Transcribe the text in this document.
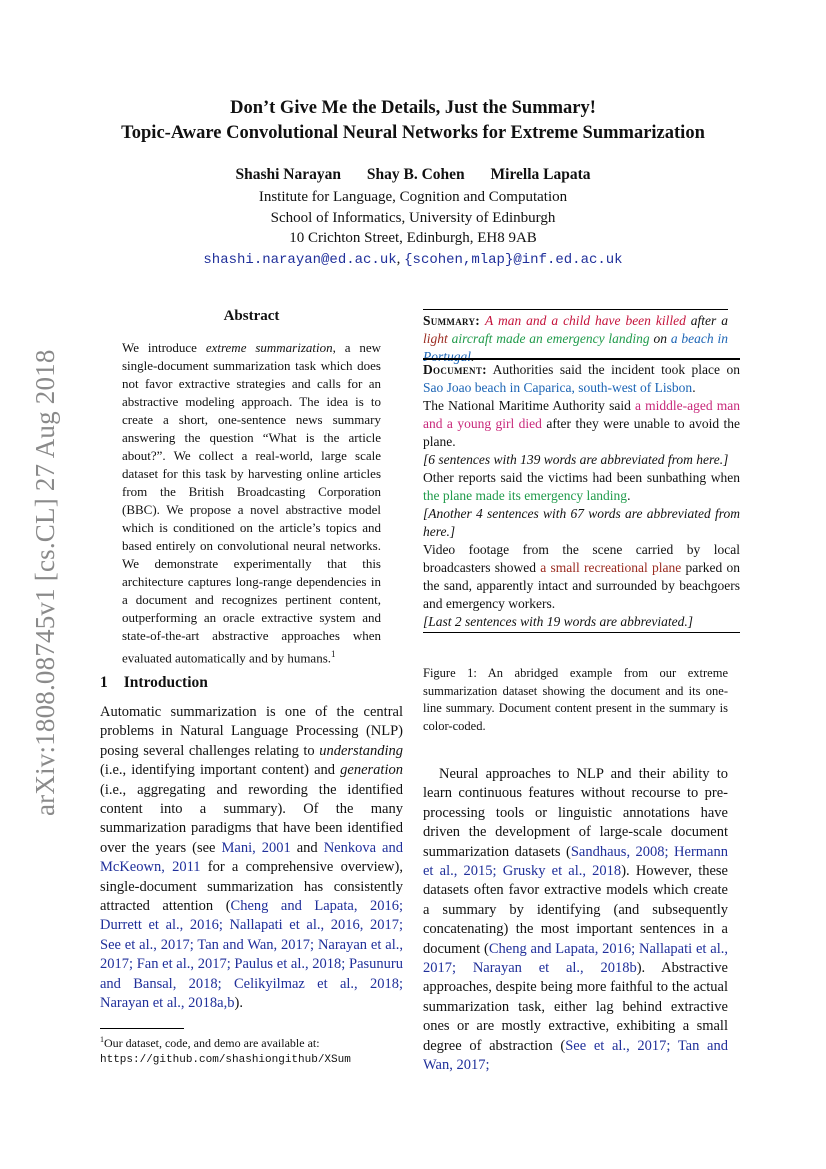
Don’t Give Me the Details, Just the Summary!
Topic-Aware Convolutional Neural Networks for Extreme Summarization
Shashi Narayan Shay B. Cohen Mirella Lapata
Institute for Language, Cognition and Computation
School of Informatics, University of Edinburgh
10 Crichton Street, Edinburgh, EH8 9AB
shashi.narayan@ed.ac.uk, {scohen,mlap}@inf.ed.ac.uk
arXiv:1808.08745v1 [cs.CL] 27 Aug 2018
Abstract

We introduce extreme summarization, a new single-document summarization task which does not favor extractive strategies and calls for an abstractive modeling approach. The idea is to create a short, one-sentence news summary answering the question “What is the article about?”. We collect a real-world, large scale dataset for this task by harvesting online articles from the British Broadcasting Corporation (BBC). We propose a novel abstractive model which is conditioned on the article’s topics and based entirely on convolutional neural networks. We demonstrate experimentally that this architecture captures long-range dependencies in a document and recognizes pertinent content, outperforming an oracle extractive system and state-of-the-art abstractive approaches when evaluated automatically and by humans.$^1$

1 Introduction

Automatic summarization is one of the central problems in Natural Language Processing (NLP) posing several challenges relating to understanding (i.e., identifying important content) and generation (i.e., aggregating and rewording the identified content into a summary). Of the many summarization paradigms that have been identified over the years (see Mani, 2001 and Nenkova and McKeown, 2011 for a comprehensive overview), single-document summarization has consistently attracted attention (Cheng and Lapata, 2016; Durrett et al., 2016; Nallapati et al., 2016, 2017; See et al., 2017; Tan and Wan, 2017; Narayan et al., 2017; Fan et al., 2017; Paulus et al., 2018; Pasunuru and Bansal, 2018; Celikyilmaz et al., 2018; Narayan et al., 2018a,b).

$^1$Our dataset, code, and demo are available at: https://github.com/shashiongithub/XSum

Summary: A man and a child have been killed after a light aircraft made an emergency landing on a beach in Portugal.

Document: Authorities said the incident took place on Sao Joao beach in Caparica, south-west of Lisbon.

The National Maritime Authority said a middle-aged man and a young girl died after they were unable to avoid the plane.

[6 sentences with 139 words are abbreviated from here.]

Other reports said the victims had been sunbathing when the plane made its emergency landing.

[Another 4 sentences with 67 words are abbreviated from here.]

Video footage from the scene carried by local broadcasters showed a small recreational plane parked on the sand, apparently intact and surrounded by beachgoers and emergency workers.

[Last 2 sentences with 19 words are abbreviated.]

Figure 1: An abridged example from our extreme summarization dataset showing the document and its one-line summary. Document content present in the summary is color-coded.

Neural approaches to NLP and their ability to learn continuous features without recourse to pre-processing tools or linguistic annotations have driven the development of large-scale document summarization datasets (Sandhaus, 2008; Hermann et al., 2015; Grusky et al., 2018). However, these datasets often favor extractive models which create a summary by identifying (and subsequently concatenating) the most important sentences in a document (Cheng and Lapata, 2016; Nallapati et al., 2017; Narayan et al., 2018b). Abstractive approaches, despite being more faithful to the actual summarization task, either lag behind extractive ones or are mostly extractive, exhibiting a small degree of abstraction (See et al., 2017; Tan and Wan, 2017;
